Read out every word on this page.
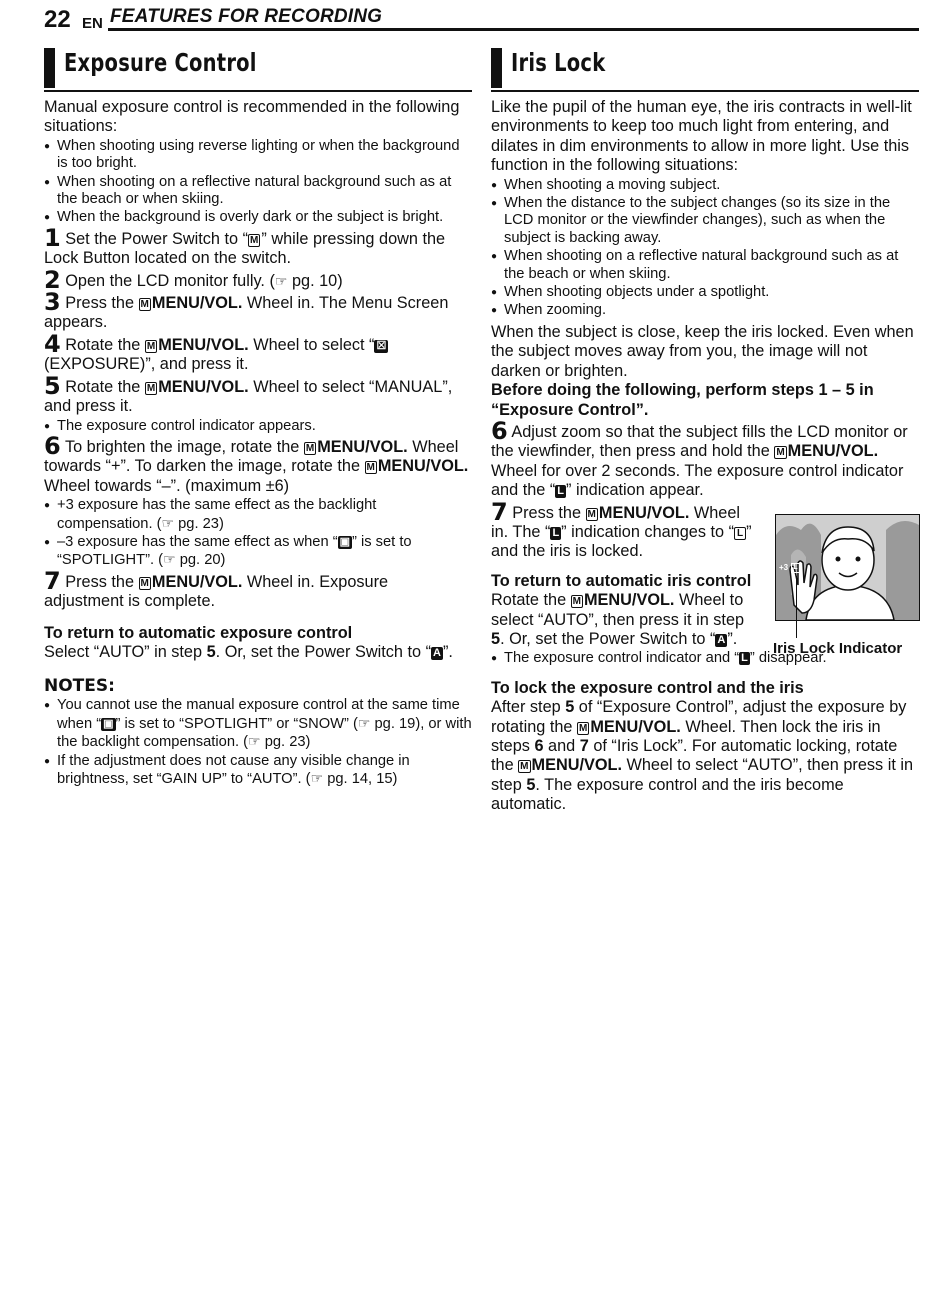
22 EN FEATURES FOR RECORDING
Exposure Control

Manual exposure control is recommended in the following situations:

● When shooting using reverse lighting or when the background is too bright.
● When shooting on a reflective natural background such as at the beach or when skiing.
● When the background is overly dark or the subject is bright.
1 Set the Power Switch to “ M ” while pressing down the Lock Button located on the switch.
2 Open the LCD monitor fully. (☞ pg. 10)
3 Press the M MENU/VOL. Wheel in. The Menu Screen appears.
4 Rotate the M MENU/VOL. Wheel to select “ ☒ (EXPOSURE)”, and press it.
5 Rotate the M MENU/VOL. Wheel to select “MANUAL”, and press it.
● The exposure control indicator appears.
6 To brighten the image, rotate the M MENU/VOL. Wheel towards “+”. To darken the image, rotate the M MENU/VOL. Wheel towards “–”. (maximum ±6)
● +3 exposure has the same effect as the backlight compensation. (☞ pg. 23)
● –3 exposure has the same effect as when “ ▣ ” is set to “SPOTLIGHT”. (☞ pg. 20)
7 Press the M MENU/VOL. Wheel in. Exposure adjustment is complete.

To return to automatic exposure control

Select “AUTO” in step 5. Or, set the Power Switch to “ A ”.

NOTES:
● You cannot use the manual exposure control at the same time when “ ▣ ” is set to “SPOTLIGHT” or “SNOW” (☞ pg. 19), or with the backlight compensation. (☞ pg. 23)
● If the adjustment does not cause any visible change in brightness, set “GAIN UP” to “AUTO”. (☞ pg. 14, 15)
Iris Lock

Like the pupil of the human eye, the iris contracts in well-lit environments to keep too much light from entering, and dilates in dim environments to allow in more light. Use this function in the following situations:

● When shooting a moving subject.
● When the distance to the subject changes (so its size in the LCD monitor or the viewfinder changes), such as when the subject is backing away.
● When shooting on a reflective natural background such as at the beach or when skiing.
● When shooting objects under a spotlight.
● When zooming.

When the subject is close, keep the iris locked. Even when the subject moves away from you, the image will not darken or brighten.

Before doing the following, perform steps 1 – 5 in “Exposure Control”.

6 Adjust zoom so that the subject fills the LCD monitor or the viewfinder, then press and hold the M MENU/VOL. Wheel for over 2 seconds. The exposure control indicator and the “ L ” indication appear.
7 Press the M MENU/VOL. Wheel in. The “ L ” indication changes to “ L ” and the iris is locked.

To return to automatic iris control

Rotate the M MENU/VOL. Wheel to select “AUTO”, then press it in step 5. Or, set the Power Switch to “ A ”.

● The exposure control indicator and “ L ” disappear.

To lock the exposure control and the iris

After step 5 of “Exposure Control”, adjust the exposure by rotating the M MENU/VOL. Wheel. Then lock the iris in steps 6 and 7 of “Iris Lock”. For automatic locking, rotate the M MENU/VOL. Wheel to select “AUTO”, then press it in step 5. The exposure control and the iris become automatic.

+3 L
Iris Lock Indicator
